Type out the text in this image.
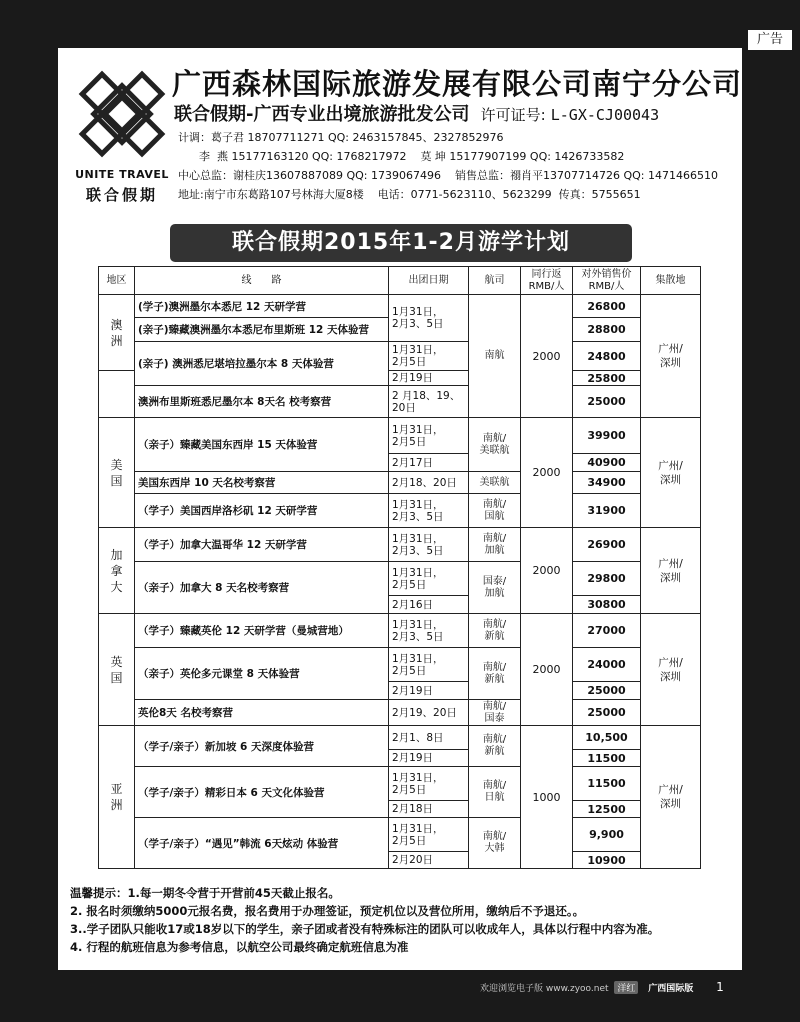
广告
UNITE TRAVEL
联合假期
广西森林国际旅游发展有限公司南宁分公司
联合假期-广西专业出境旅游批发公司 许可证号: L-GX-CJ00043
计调：葛子君 18707711271 QQ: 2463157845、2327852976
李  燕 15177163120 QQ: 1768217972    莫 坤 15177907199 QQ: 1426733582
中心总监：谢桂庆13607887089 QQ: 1739067496    销售总监：禤肖平13707714726 QQ: 1471466510
地址:南宁市东葛路107号林海大厦8楼    电话：0771-5623110、5623299  传真：5755651
联合假期2015年1-2月游学计划
地区	线　　路	出团日期	航司	同行返
RMB/人	对外销售价
RMB/人	集散地
澳
洲	(学子)澳洲墨尔本悉尼 12 天研学营	1月31日，
2月3、5日	南航	2000	26800	广州/
深圳

	(亲子)臻藏澳洲墨尔本悉尼布里斯班 12 天体验营				28800	

	(亲子) 澳洲悉尼堪培拉墨尔本 8 天体验营	1月31日，
2月5日			24800	

		2月19日			25800	

	澳洲布里斯班悉尼墨尔本 8天名 校考察营	2 月18、19、
20日			25000	

美
国	（亲子）臻藏美国东西岸 15 天体验营	1月31日，
2月5日	南航/
美联航	2000	39900	广州/
深圳
		2月17日			40900	
	美国东西岸 10 天名校考察营	2月18、20日	美联航		34900	
	（学子）美国西岸洛杉矶 12 天研学营	1月31日，
2月3、5日	南航/
国航		31900	
加
拿
大	（学子）加拿大温哥华 12 天研学营	1月31日，
2月3、5日	南航/
加航	2000	26900	广州/
深圳
	（亲子）加拿大 8 天名校考察营	1月31日，
2月5日	国泰/
加航		29800	
		2月16日			30800	
英
国	（学子）臻藏英伦 12 天研学营（曼城营地）	1月31日，
2月3、5日	南航/
新航	2000	27000	广州/
深圳
	（亲子）英伦多元课堂 8 天体验营	1月31日，
2月5日	南航/
新航		24000	
		2月19日			25000	
	英伦8天 名校考察营	2月19、20日	南航/
国泰		25000	
亚
洲	（学子/亲子）新加坡 6 天深度体验营	2月1、8日	南航/
新航	1000	10,500	广州/
深圳
		2月19日			11500	
	（学子/亲子）精彩日本 6 天文化体验营	1月31日，
2月5日	南航/
日航		11500	
		2月18日			12500	
	（学子/亲子）“遇见”韩流 6天炫动 体验营	1月31日，
2月5日	南航/
大韩		9,900	
		2月20日			10900	
温馨提示：1.每一期冬令营于开营前45天截止报名。
2. 报名时须缴纳5000元报名费，报名费用于办理签证，预定机位以及营位所用，缴纳后不予退还。。
3..学子团队只能收17或18岁以下的学生，亲子团或者没有特殊标注的团队可以收成年人，具体以行程中内容为准。
4. 行程的航班信息为参考信息，以航空公司最终确定航班信息为准
欢迎浏览电子版 www.zyoo.net 洋红 广西国际版 1
